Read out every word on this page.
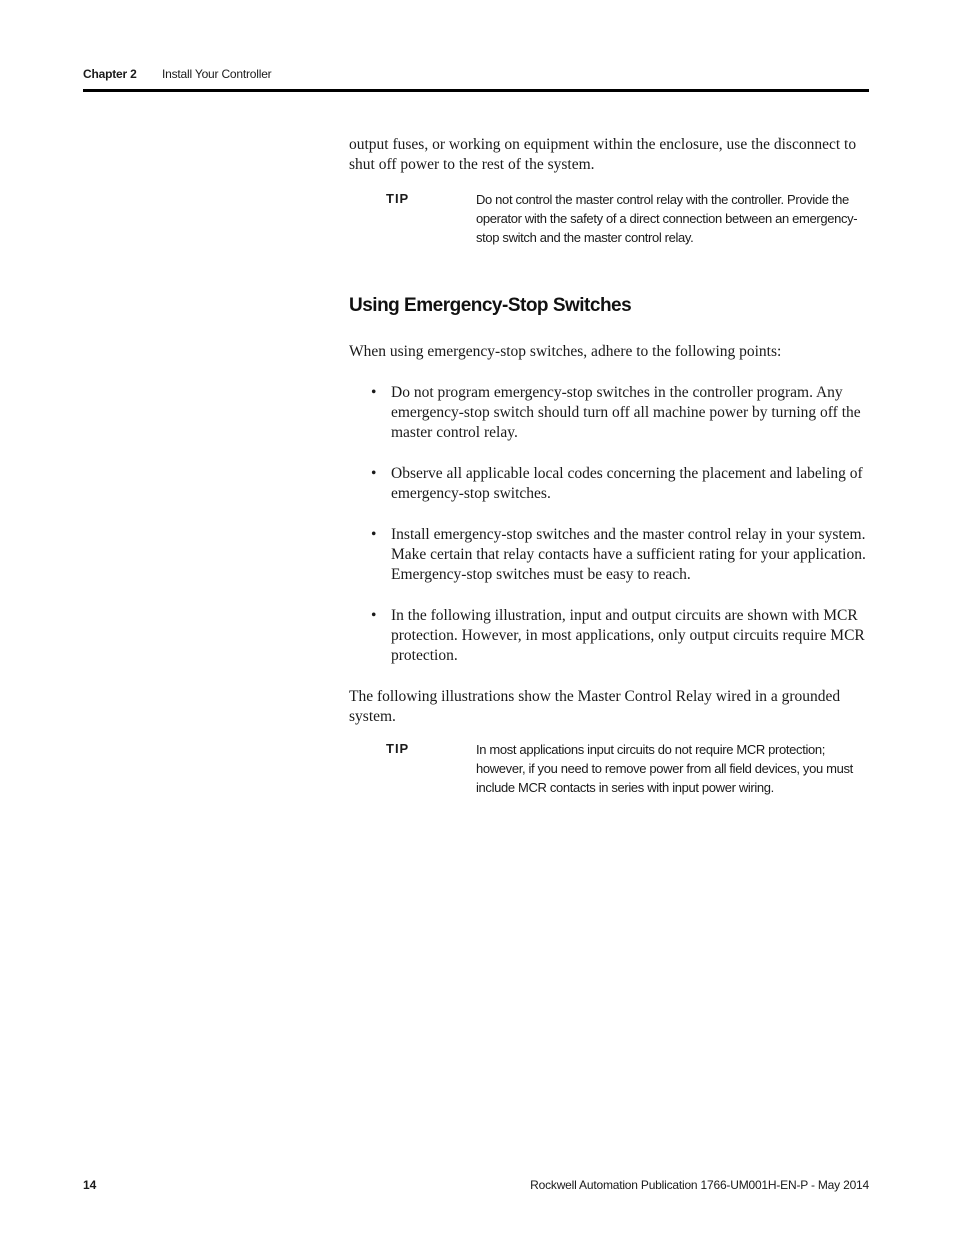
Chapter 2 Install Your Controller

output fuses, or working on equipment within the enclosure, use the disconnect to shut off power to the rest of the system.

TIP	Do not control the master control relay with the controller. Provide the operator with the safety of a direct connection between an emergency-stop switch and the master control relay.
Using Emergency-Stop Switches

When using emergency-stop switches, adhere to the following points:

• Do not program emergency-stop switches in the controller program. Any emergency-stop switch should turn off all machine power by turning off the master control relay.
• Observe all applicable local codes concerning the placement and labeling of emergency-stop switches.
• Install emergency-stop switches and the master control relay in your system. Make certain that relay contacts have a sufficient rating for your application. Emergency-stop switches must be easy to reach.
• In the following illustration, input and output circuits are shown with MCR protection. However, in most applications, only output circuits require MCR protection.

The following illustrations show the Master Control Relay wired in a grounded system.

TIP	In most applications input circuits do not require MCR protection; however, if you need to remove power from all field devices, you must include MCR contacts in series with input power wiring.
14	Rockwell Automation Publication 1766-UM001H-EN-P - May 2014
